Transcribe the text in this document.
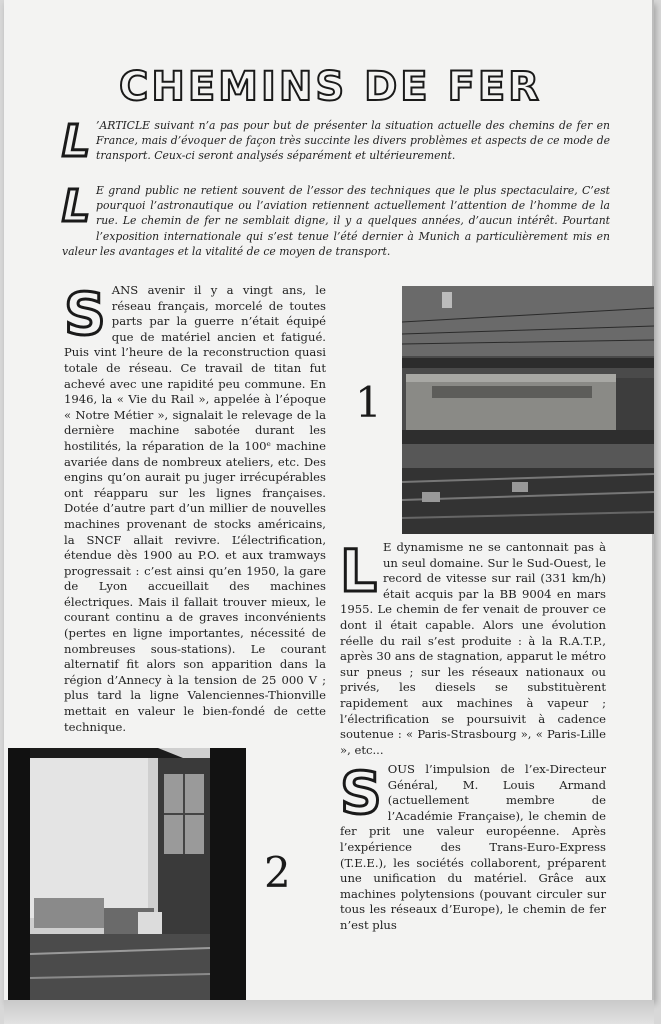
CHEMINS DE FER
L ’ARTICLE suivant n’a pas pour but de présenter la situation actuelle des chemins de fer en France, mais d’évoquer de façon très succinte les divers problèmes et aspects de ce mode de transport. Ceux-ci seront analysés séparément et ultérieurement.
L E grand public ne retient souvent de l’essor des techniques que le plus spectaculaire, C’est pourquoi l’astronautique ou l’aviation retiennent actuellement l’attention de l’homme de la rue. Le chemin de fer ne semblait digne, il y a quelques années, d’aucun intérêt. Pourtant l’exposition internationale qui s’est tenue l’été dernier à Munich a particulièrement mis en valeur les avantages et la vitalité de ce moyen de transport.
SANS avenir il y a vingt ans, le réseau français, morcelé de toutes parts par la guerre n’était équipé que de matériel ancien et fatigué. Puis vint l’heure de la reconstruction quasi totale de réseau. Ce travail de titan fut achevé avec une rapidité peu commune. En 1946, la « Vie du Rail », appelée à l’époque « Notre Métier », signalait le relevage de la dernière machine sabotée durant les hostilités, la réparation de la 100ᵉ machine avariée dans de nombreux ateliers, etc. Des engins qu’on aurait pu juger irrécupérables ont réapparu sur les lignes françaises. Dotée d’autre part d’un millier de nouvelles machines provenant de stocks américains, la SNCF allait revivre. L’électrification, étendue dès 1900 au P.O. et aux tramways progressait : c’est ainsi qu’en 1950, la gare de Lyon accueillait des machines électriques. Mais il fallait trouver mieux, le courant continu a de graves inconvénients (pertes en ligne importantes, nécessité de nombreuses sous-stations). Le courant alternatif fit alors son apparition dans la région d’Annecy à la tension de 25 000 V ; plus tard la ligne Valenciennes-Thionville mettait en valeur le bien-fondé de cette technique.
L E dynamisme ne se cantonnait pas à un seul domaine. Sur le Sud-Ouest, le record de vitesse sur rail (331 km/h) était acquis par la BB 9004 en mars 1955. Le chemin de fer venait de prouver ce dont il était capable. Alors une évolution réelle du rail s’est produite : à la R.A.T.P., après 30 ans de stagnation, apparut le métro sur pneus ; sur les réseaux nationaux ou privés, les diesels se substituèrent rapidement aux machines à vapeur ; l’électrification se poursuivit à cadence soutenue : « Paris-Strasbourg », « Paris-Lille », etc...
SOUS l’impulsion de l’ex-Directeur Général, M. Louis Armand (actuellement membre de l’Académie Française), le chemin de fer prit une valeur européenne. Après l’expérience des Trans-Euro-Express (T.E.E.), les sociétés collaborent, préparent une unification du matériel. Grâce aux machines polytensions (pouvant circuler sur tous les réseaux d’Europe), le chemin de fer n’est plus
1
2
